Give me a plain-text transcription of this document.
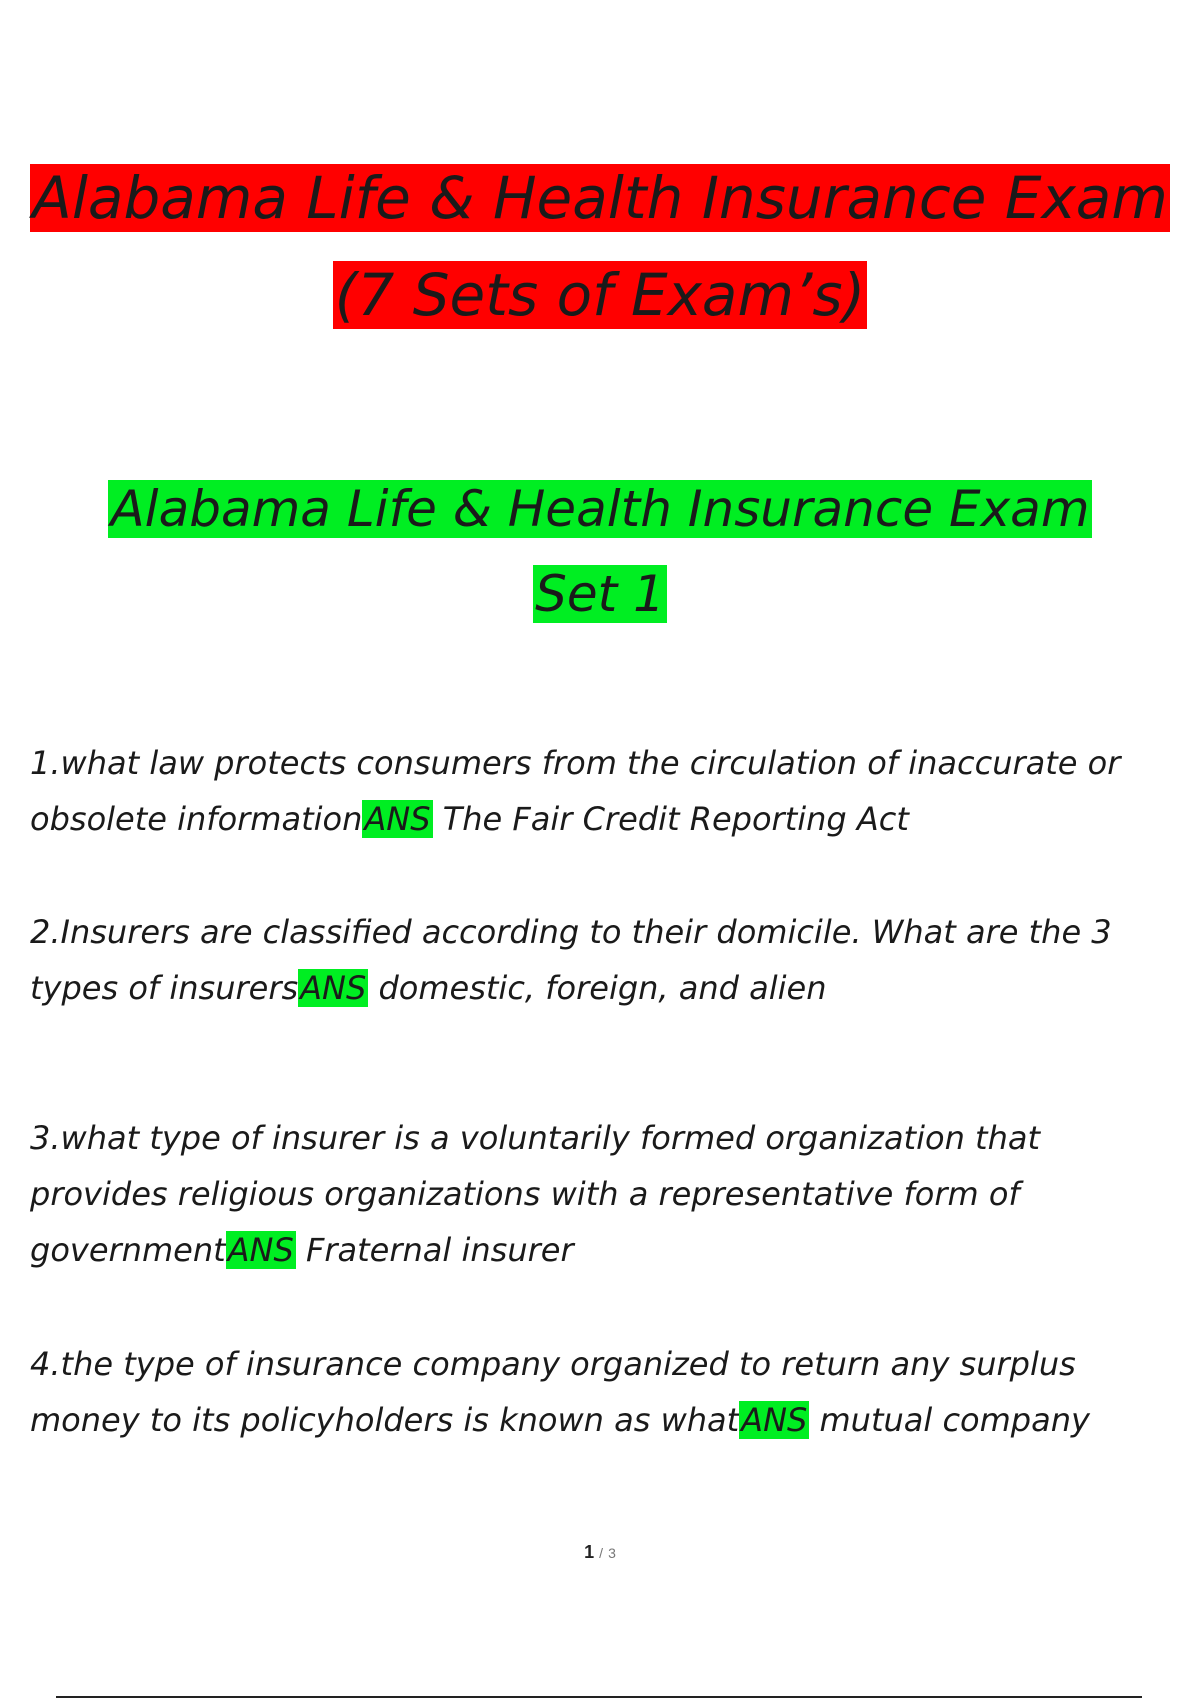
Alabama Life & Health Insurance Exam
(7 Sets of Exam’s)
Alabama Life & Health Insurance Exam
Set 1
1.what law protects consumers from the circulation of inaccurate or obsolete informationANS The Fair Credit Reporting Act
2.Insurers are classified according to their domicile. What are the 3 types of insurersANS domestic, foreign, and alien
3.what type of insurer is a voluntarily formed organization that provides religious organizations with a representative form of governmentANS Fraternal insurer
4.the type of insurance company organized to return any surplus money to its policyholders is known as whatANS mutual company
1 / 3
